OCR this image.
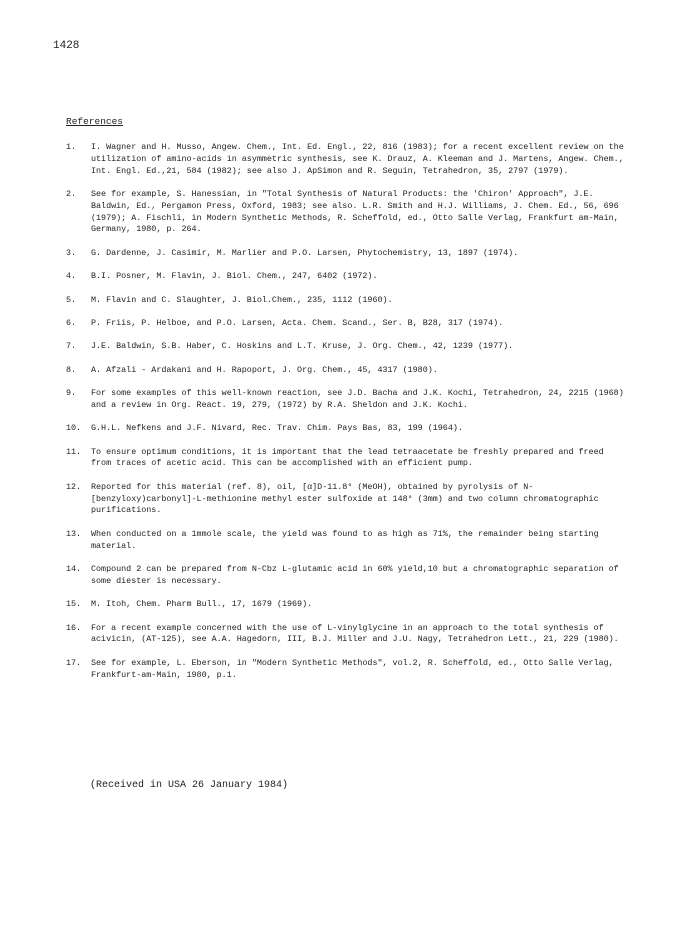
1428
References
1. I. Wagner and H. Musso, Angew. Chem., Int. Ed. Engl., 22, 816 (1983); for a recent excellent review on the utilization of amino-acids in asymmetric synthesis, see K. Drauz, A. Kleeman and J. Martens, Angew. Chem., Int. Engl. Ed.,21, 584 (1982); see also J. ApSimon and R. Seguin, Tetrahedron, 35, 2797 (1979).
2. See for example, S. Hanessian, in "Total Synthesis of Natural Products: the 'Chiron' Approach", J.E. Baldwin, Ed., Pergamon Press, Oxford, 1983; see also. L.R. Smith and H.J. Williams, J. Chem. Ed., 56, 696 (1979); A. Fischli, in Modern Synthetic Methods, R. Scheffold, ed., Otto Salle Verlag, Frankfurt am-Main, Germany, 1980, p. 264.
3. G. Dardenne, J. Casimir, M. Marlier and P.O. Larsen, Phytochemistry, 13, 1897 (1974).
4. B.I. Posner, M. Flavin, J. Biol. Chem., 247, 6402 (1972).
5. M. Flavin and C. Slaughter, J. Biol.Chem., 235, 1112 (1960).
6. P. Friis, P. Helboe, and P.O. Larsen, Acta. Chem. Scand., Ser. B, B28, 317 (1974).
7. J.E. Baldwin, S.B. Haber, C. Hoskins and L.T. Kruse, J. Org. Chem., 42, 1239 (1977).
8. A. Afzali - Ardakani and H. Rapoport, J. Org. Chem., 45, 4317 (1980).
9. For some examples of this well-known reaction, see J.D. Bacha and J.K. Kochi, Tetrahedron, 24, 2215 (1968) and a review in Org. React. 19, 279, (1972) by R.A. Sheldon and J.K. Kochi.
10. G.H.L. Nefkens and J.F. Nivard, Rec. Trav. Chim. Pays Bas, 83, 199 (1964).
11. To ensure optimum conditions, it is important that the lead tetraacetate be freshly prepared and freed from traces of acetic acid. This can be accomplished with an efficient pump.
12. Reported for this material (ref. 8), oil, [α]D-11.8° (MeOH), obtained by pyrolysis of N-[benzyloxy)carbonyl]-L-methionine methyl ester sulfoxide at 148° (3mm) and two column chromatographic purifications.
13. When conducted on a 1mmole scale, the yield was found to as high as 71%, the remainder being starting material.
14. Compound 2 can be prepared from N-Cbz L-glutamic acid in 60% yield,10 but a chromatographic separation of some diester is necessary.
15. M. Itoh, Chem. Pharm Bull., 17, 1679 (1969).
16. For a recent example concerned with the use of L-vinylglycine in an approach to the total synthesis of acivicin, (AT-125), see A.A. Hagedorn, III, B.J. Miller and J.U. Nagy, Tetrahedron Lett., 21, 229 (1980).
17. See for example, L. Eberson, in "Modern Synthetic Methods", vol.2, R. Scheffold, ed., Otto Salle Verlag, Frankfurt-am-Main, 1980, p.1.
(Received in USA 26 January 1984)
